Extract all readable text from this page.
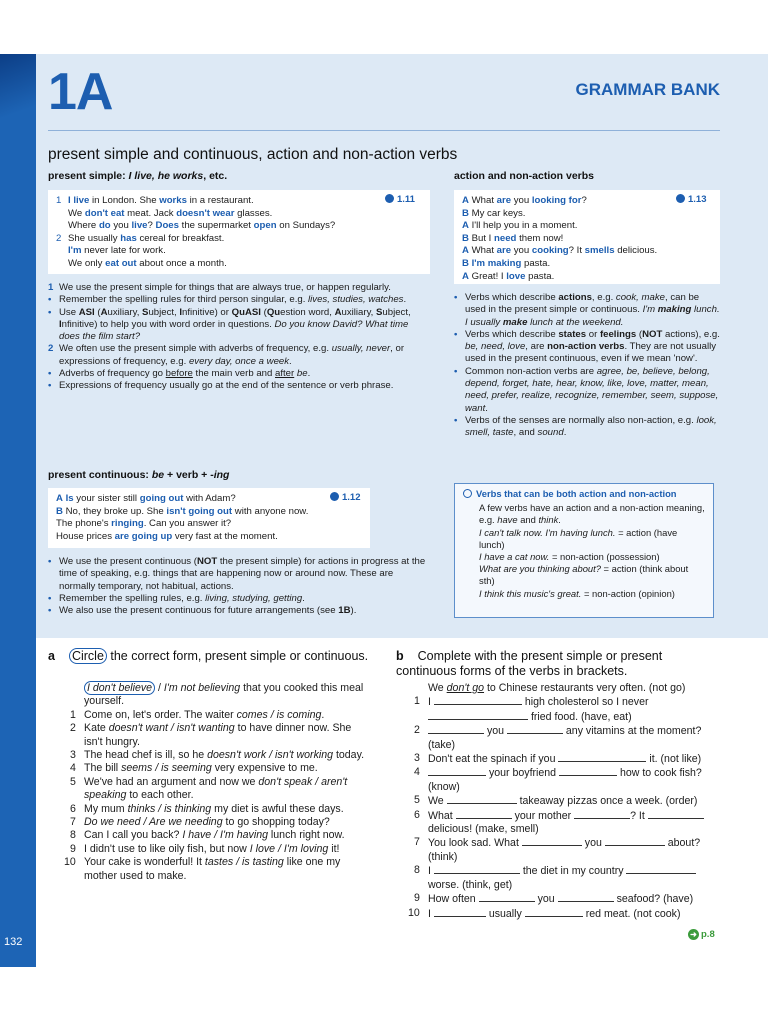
132
1A	GRAMMAR BANK
present simple and continuous, action and non-action verbs
present simple: I live, he works, etc.
1 I live in London. She works in a restaurant.
We don't eat meat. Jack doesn't wear glasses.
Where do you live? Does the supermarket open on Sundays?
2 She usually has cereal for breakfast.
I'm never late for work.
We only eat out about once a month.
1.11
1 We use the present simple for things that are always true, or happen regularly.
• Remember the spelling rules for third person singular, e.g. lives, studies, watches.
• Use ASI (Auxiliary, Subject, Infinitive) or QuASI (Question word, Auxiliary, Subject, Infinitive) to help you with word order in questions. Do you know David? What time does the film start?
2 We often use the present simple with adverbs of frequency, e.g. usually, never, or expressions of frequency, e.g. every day, once a week.
• Adverbs of frequency go before the main verb and after be.
• Expressions of frequency usually go at the end of the sentence or verb phrase.
present continuous: be + verb + -ing
A Is your sister still going out with Adam?
B No, they broke up. She isn't going out with anyone now.
The phone's ringing. Can you answer it?
House prices are going up very fast at the moment.
1.12
• We use the present continuous (NOT the present simple) for actions in progress at the time of speaking, e.g. things that are happening now or around now. These are normally temporary, not habitual, actions.
• Remember the spelling rules, e.g. living, studying, getting.
• We also use the present continuous for future arrangements (see 1B).
action and non-action verbs
A What are you looking for?
B My car keys.
A I'll help you in a moment.
B But I need them now!
A What are you cooking? It smells delicious.
B I'm making pasta.
A Great! I love pasta.
1.13
• Verbs which describe actions, e.g. cook, make, can be used in the present simple or continuous. I'm making lunch. I usually make lunch at the weekend.
• Verbs which describe states or feelings (NOT actions), e.g. be, need, love, are non-action verbs. They are not usually used in the present continuous, even if we mean 'now'.
• Common non-action verbs are agree, be, believe, belong, depend, forget, hate, hear, know, like, love, matter, mean, need, prefer, realize, recognize, remember, seem, suppose, want.
• Verbs of the senses are normally also non-action, e.g. look, smell, taste, and sound.
Verbs that can be both action and non-action
A few verbs have an action and a non-action meaning, e.g. have and think.
I can't talk now. I'm having lunch. = action (have lunch)
I have a cat now. = non-action (possession)
What are you thinking about? = action (think about sth)
I think this music's great. = non-action (opinion)
a Circle the correct form, present simple or continuous.
I don't believe / I'm not believing that you cooked this meal yourself.
1 Come on, let's order. The waiter comes / is coming.
2 Kate doesn't want / isn't wanting to have dinner now. She isn't hungry.
3 The head chef is ill, so he doesn't work / isn't working today.
4 The bill seems / is seeming very expensive to me.
5 We've had an argument and now we don't speak / aren't speaking to each other.
6 My mum thinks / is thinking my diet is awful these days.
7 Do we need / Are we needing to go shopping today?
8 Can I call you back? I have / I'm having lunch right now.
9 I didn't use to like oily fish, but now I love / I'm loving it!
10 Your cake is wonderful! It tastes / is tasting like one my mother used to make.
b Complete with the present simple or present continuous forms of the verbs in brackets.
We don't go to Chinese restaurants very often. (not go)
1 I	high cholesterol so I never  fried food. (have, eat)
2	you	any vitamins at the moment? (take)
3 Don't eat the spinach if you	it. (not like)
4	your boyfriend	how to cook fish? (know)
5 We	takeaway pizzas once a week. (order)
6 What	your mother	? It  delicious! (make, smell)
7 You look sad. What	you	about? (think)
8 I	the diet in my country  worse. (think, get)
9 How often	you	seafood? (have)
10 I	usually	red meat. (not cook)
➜ p.8
